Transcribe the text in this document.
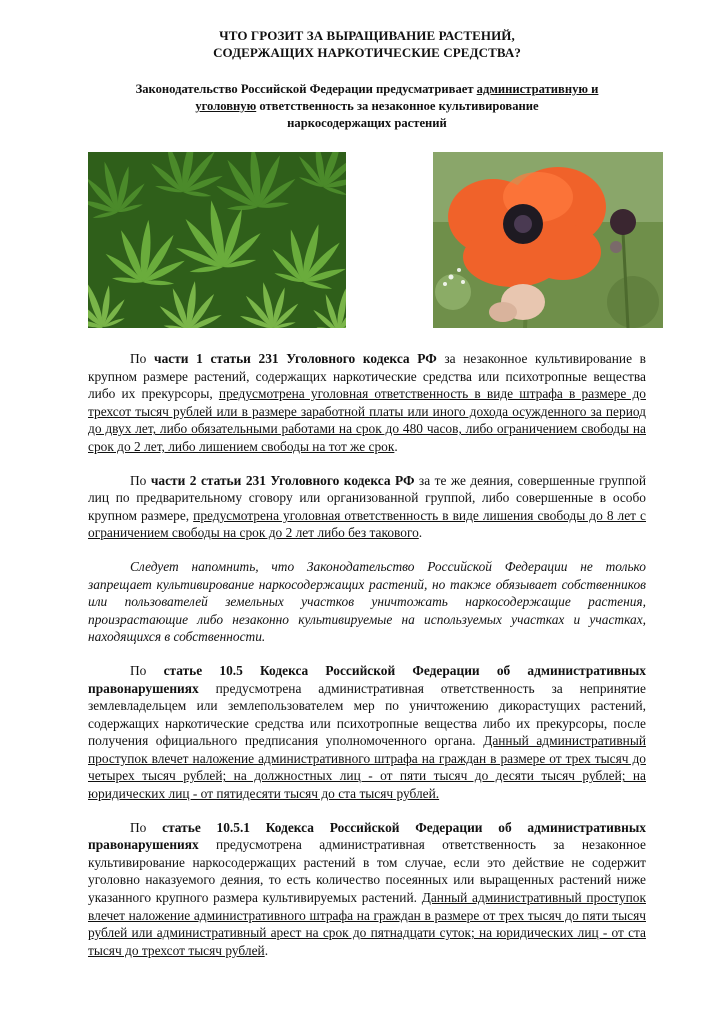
ЧТО ГРОЗИТ ЗА ВЫРАЩИВАНИЕ РАСТЕНИЙ,
СОДЕРЖАЩИХ НАРКОТИЧЕСКИЕ СРЕДСТВА?

Законодательство Российской Федерации предусматривает административную и
уголовную ответственность за незаконное культивирование
наркосодержащих растений

По части 1 статьи 231 Уголовного кодекса РФ за незаконное культивирование в крупном размере растений, содержащих наркотические средства или психотропные вещества либо их прекурсоры, предусмотрена уголовная ответственность в виде штрафа в размере до трехсот тысяч рублей или в размере заработной платы или иного дохода осужденного за период до двух лет, либо обязательными работами на срок до 480 часов, либо ограничением свободы на срок до 2 лет, либо лишением свободы на тот же срок.

По части 2 статьи 231 Уголовного кодекса РФ за те же деяния, совершенные группой лиц по предварительному сговору или организованной группой, либо совершенные в особо крупном размере, предусмотрена уголовная ответственность в виде лишения свободы до 8 лет с ограничением свободы на срок до 2 лет либо без такового.

Следует напомнить, что Законодательство Российской Федерации не только запрещает культивирование наркосодержащих растений, но также обязывает собственников или пользователей земельных участков уничтожать наркосодержащие растения, произрастающие либо незаконно культивируемые на используемых участках и участках, находящихся в собственности.

По статье 10.5 Кодекса Российской Федерации об административных правонарушениях предусмотрена административная ответственность за непринятие землевладельцем или землепользователем мер по уничтожению дикорастущих растений, содержащих наркотические средства или психотропные вещества либо их прекурсоры, после получения официального предписания уполномоченного органа. Данный административный проступок влечет наложение административного штрафа на граждан в размере от трех тысяч до четырех тысяч рублей; на должностных лиц - от пяти тысяч до десяти тысяч рублей; на юридических лиц - от пятидесяти тысяч до ста тысяч рублей.

По статье 10.5.1 Кодекса Российской Федерации об административных правонарушениях предусмотрена административная ответственность за незаконное культивирование наркосодержащих растений в том случае, если это действие не содержит уголовно наказуемого деяния, то есть количество посеянных или выращенных растений ниже указанного крупного размера культивируемых растений. Данный административный проступок влечет наложение административного штрафа на граждан в размере от трех тысяч до пяти тысяч рублей или административный арест на срок до пятнадцати суток; на юридических лиц - от ста тысяч до трехсот тысяч рублей.
